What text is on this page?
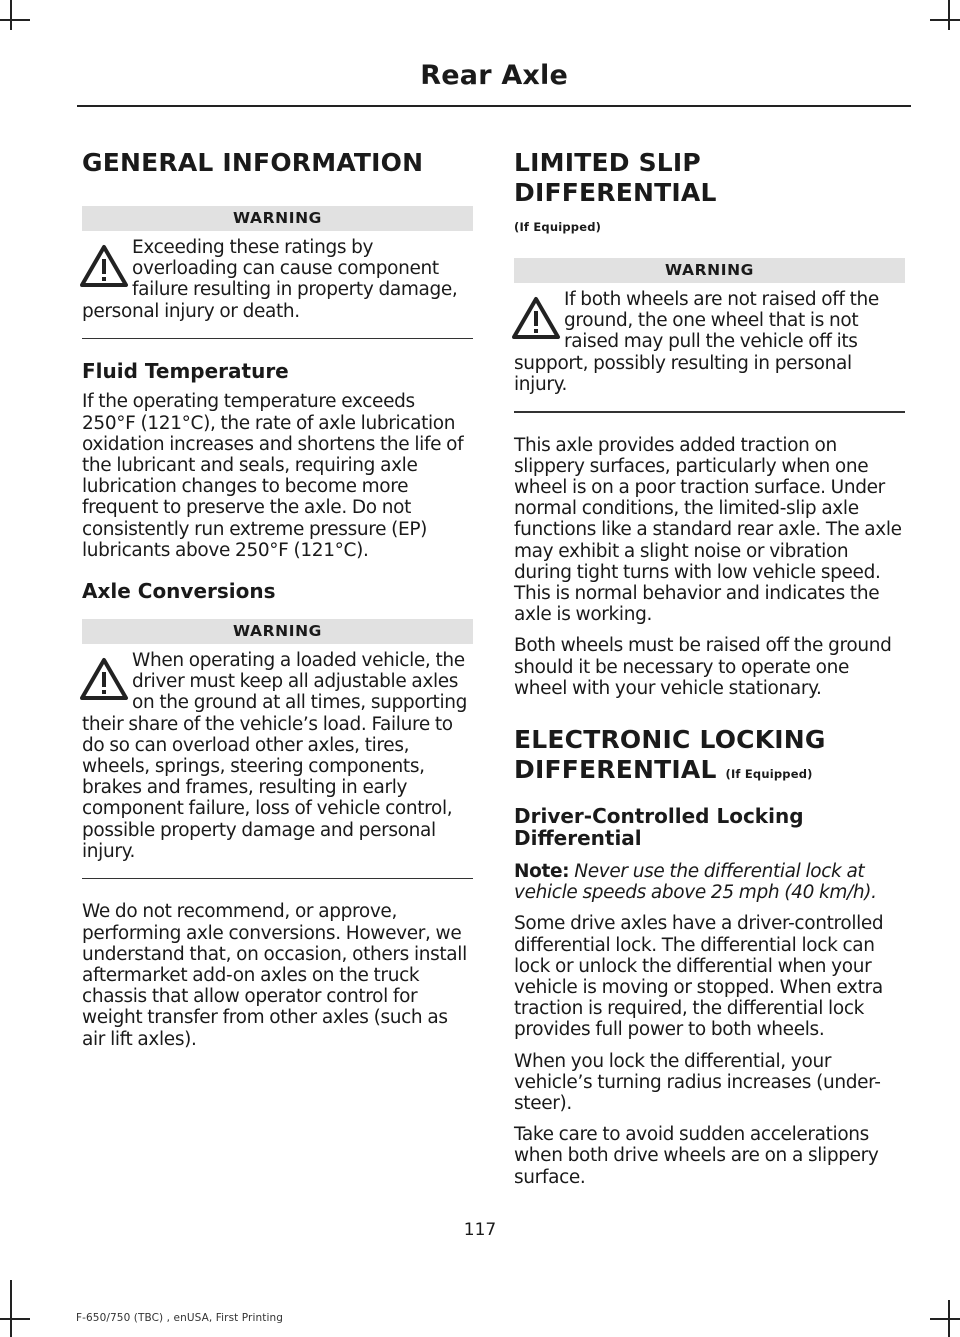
Rear Axle
GENERAL INFORMATION
WARNING

Exceeding these ratings by overloading can cause component failure resulting in property damage, personal injury or death.

Fluid Temperature

If the operating temperature exceeds 250°F (121°C), the rate of axle lubrication oxidation increases and shortens the life of the lubricant and seals, requiring axle lubrication changes to become more frequent to preserve the axle. Do not consistently run extreme pressure (EP) lubricants above 250°F (121°C).

Axle Conversions
WARNING

When operating a loaded vehicle, the driver must keep all adjustable axles on the ground at all times, supporting their share of the vehicle’s load. Failure to do so can overload other axles, tires, wheels, springs, steering components, brakes and frames, resulting in early component failure, loss of vehicle control, possible property damage and personal injury.

We do not recommend, or approve, performing axle conversions. However, we understand that, on occasion, others install aftermarket add-on axles on the truck chassis that allow operator control for weight transfer from other axles (such as air lift axles).

LIMITED SLIP DIFFERENTIAL
(If Equipped)
WARNING

If both wheels are not raised off the ground, the one wheel that is not raised may pull the vehicle off its support, possibly resulting in personal injury.

This axle provides added traction on slippery surfaces, particularly when one wheel is on a poor traction surface. Under normal conditions, the limited-slip axle functions like a standard rear axle. The axle may exhibit a slight noise or vibration during tight turns with low vehicle speed. This is normal behavior and indicates the axle is working.

Both wheels must be raised off the ground should it be necessary to operate one wheel with your vehicle stationary.

ELECTRONIC LOCKING
DIFFERENTIAL (If Equipped)
Driver-Controlled Locking Differential

Note: Never use the differential lock at vehicle speeds above 25 mph (40 km/h).

Some drive axles have a driver-controlled differential lock. The differential lock can lock or unlock the differential when your vehicle is moving or stopped. When extra traction is required, the differential lock provides full power to both wheels.

When you lock the differential, your vehicle’s turning radius increases (under-steer).

Take care to avoid sudden accelerations when both drive wheels are on a slippery surface.

117
F-650/750 (TBC) , enUSA, First Printing
